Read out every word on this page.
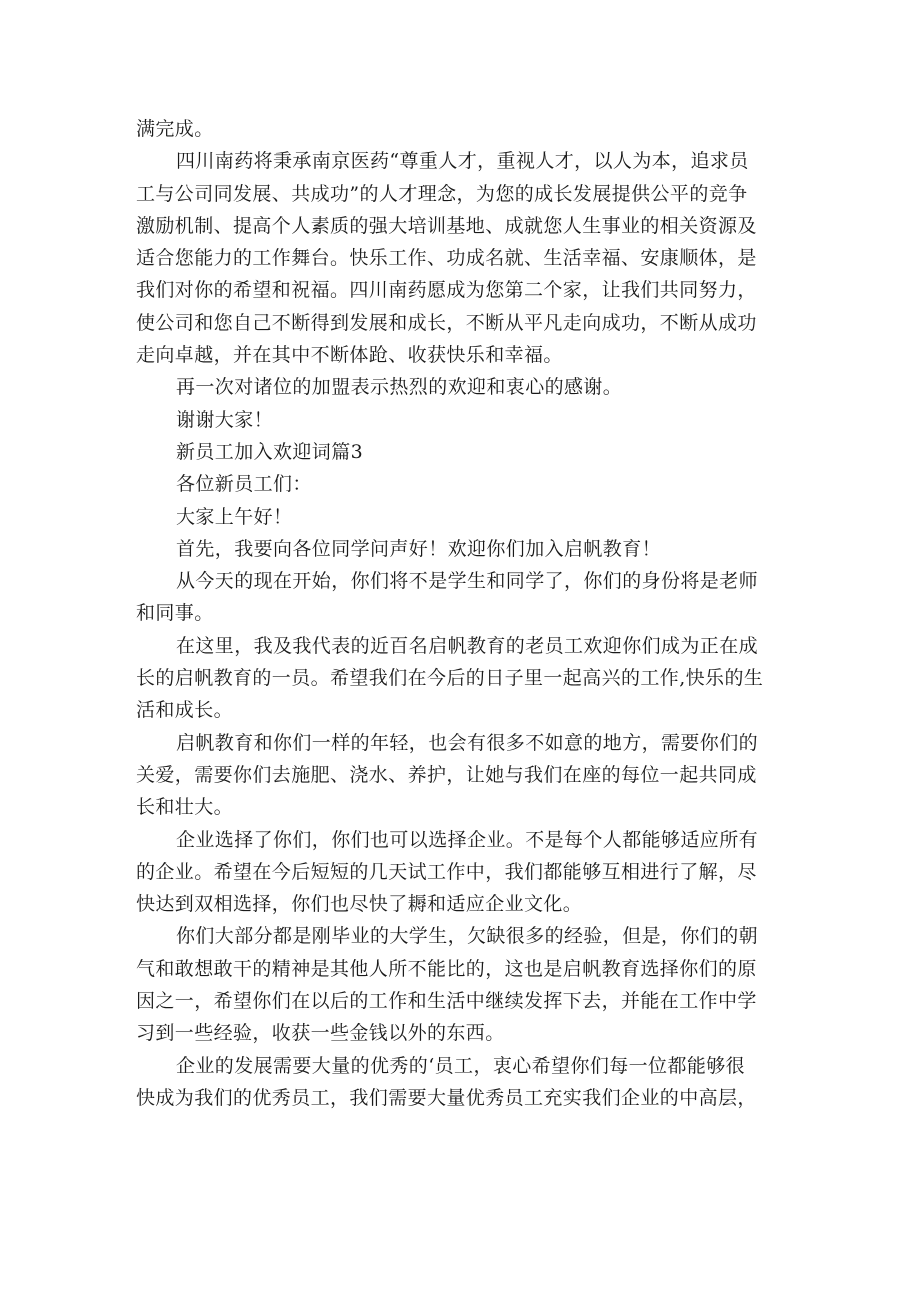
满完成。
四川南药将秉承南京医药“尊重人才，重视人才，以人为本，追求员
工与公司同发展、共成功”的人才理念，为您的成长发展提供公平的竞争
激励机制、提高个人素质的强大培训基地、成就您人生事业的相关资源及
适合您能力的工作舞台。快乐工作、功成名就、生活幸福、安康顺体，是
我们对你的希望和祝福。四川南药愿成为您第二个家，让我们共同努力，
使公司和您自己不断得到发展和成长，不断从平凡走向成功，不断从成功
走向卓越，并在其中不断体跄、收获快乐和幸福。
再一次对诸位的加盟表示热烈的欢迎和衷心的感谢。
谢谢大家！
新员工加入欢迎词篇3
各位新员工们：
大家上午好！
首先，我要向各位同学问声好！欢迎你们加入启帆教育！
从今天的现在开始，你们将不是学生和同学了，你们的身份将是老师
和同事。
在这里，我及我代表的近百名启帆教育的老员工欢迎你们成为正在成
长的启帆教育的一员。希望我们在今后的日子里一起高兴的工作,快乐的生
活和成长。
启帆教育和你们一样的年轻，也会有很多不如意的地方，需要你们的
关爱，需要你们去施肥、浇水、养护，让她与我们在座的每位一起共同成
长和壮大。
企业选择了你们，你们也可以选择企业。不是每个人都能够适应所有
的企业。希望在今后短短的几天试工作中，我们都能够互相进行了解，尽
快达到双相选择，你们也尽快了耨和适应企业文化。
你们大部分都是刚毕业的大学生，欠缺很多的经验，但是，你们的朝
气和敢想敢干的精神是其他人所不能比的，这也是启帆教育选择你们的原
因之一，希望你们在以后的工作和生活中继续发挥下去，并能在工作中学
习到一些经验，收获一些金钱以外的东西。
企业的发展需要大量的优秀的‘员工，衷心希望你们每一位都能够很
快成为我们的优秀员工，我们需要大量优秀员工充实我们企业的中高层，
